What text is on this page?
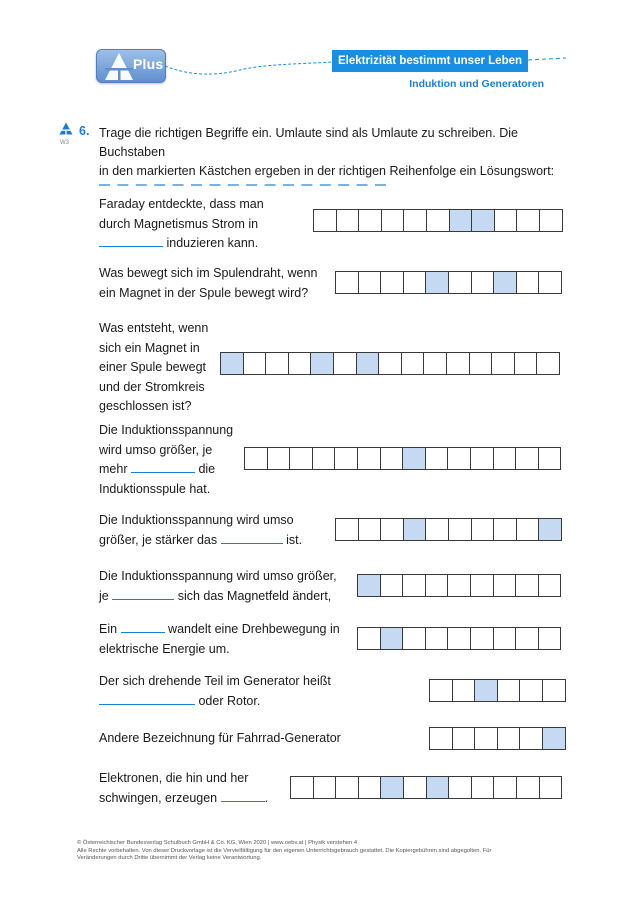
Plus	Elektrizität bestimmt unser Leben
Induktion und Generatoren
W3
6. Trage die richtigen Begriffe ein. Umlaute sind als Umlaute zu schreiben. Die Buchstaben
in den markierten Kästchen ergeben in der richtigen Reihenfolge ein Lösungswort:
Faraday entdeckte, dass man
durch Magnetismus Strom in
induzieren kann.
Was bewegt sich im Spulendraht, wenn
ein Magnet in der Spule bewegt wird?
Was entsteht, wenn
sich ein Magnet in
einer Spule bewegt
und der Stromkreis
geschlossen ist?
Die Induktionsspannung
wird umso größer, je
mehr	die
Induktionsspule hat.
Die Induktionsspannung wird umso
größer, je stärker das	ist.
Die Induktionsspannung wird umso größer,
je	sich das Magnetfeld ändert,
Ein	wandelt eine Drehbewegung in
elektrische Energie um.
Der sich drehende Teil im Generator heißt
oder Rotor.
Andere Bezeichnung für Fahrrad-Generator
Elektronen, die hin und her
schwingen, erzeugen	.
© Österreichischer Bundesverlag Schulbuch GmbH & Co. KG, Wien 2020 | www.oebv.at | Physik verstehen 4
Alle Rechte vorbehalten. Von dieser Druckvorlage ist die Vervielfältigung für den eigenen Unterrichtsgebrauch gestattet. Die Kopiergebühren sind abgegolten. Für
Veränderungen durch Dritte übernimmt der Verlag keine Verantwortung.
